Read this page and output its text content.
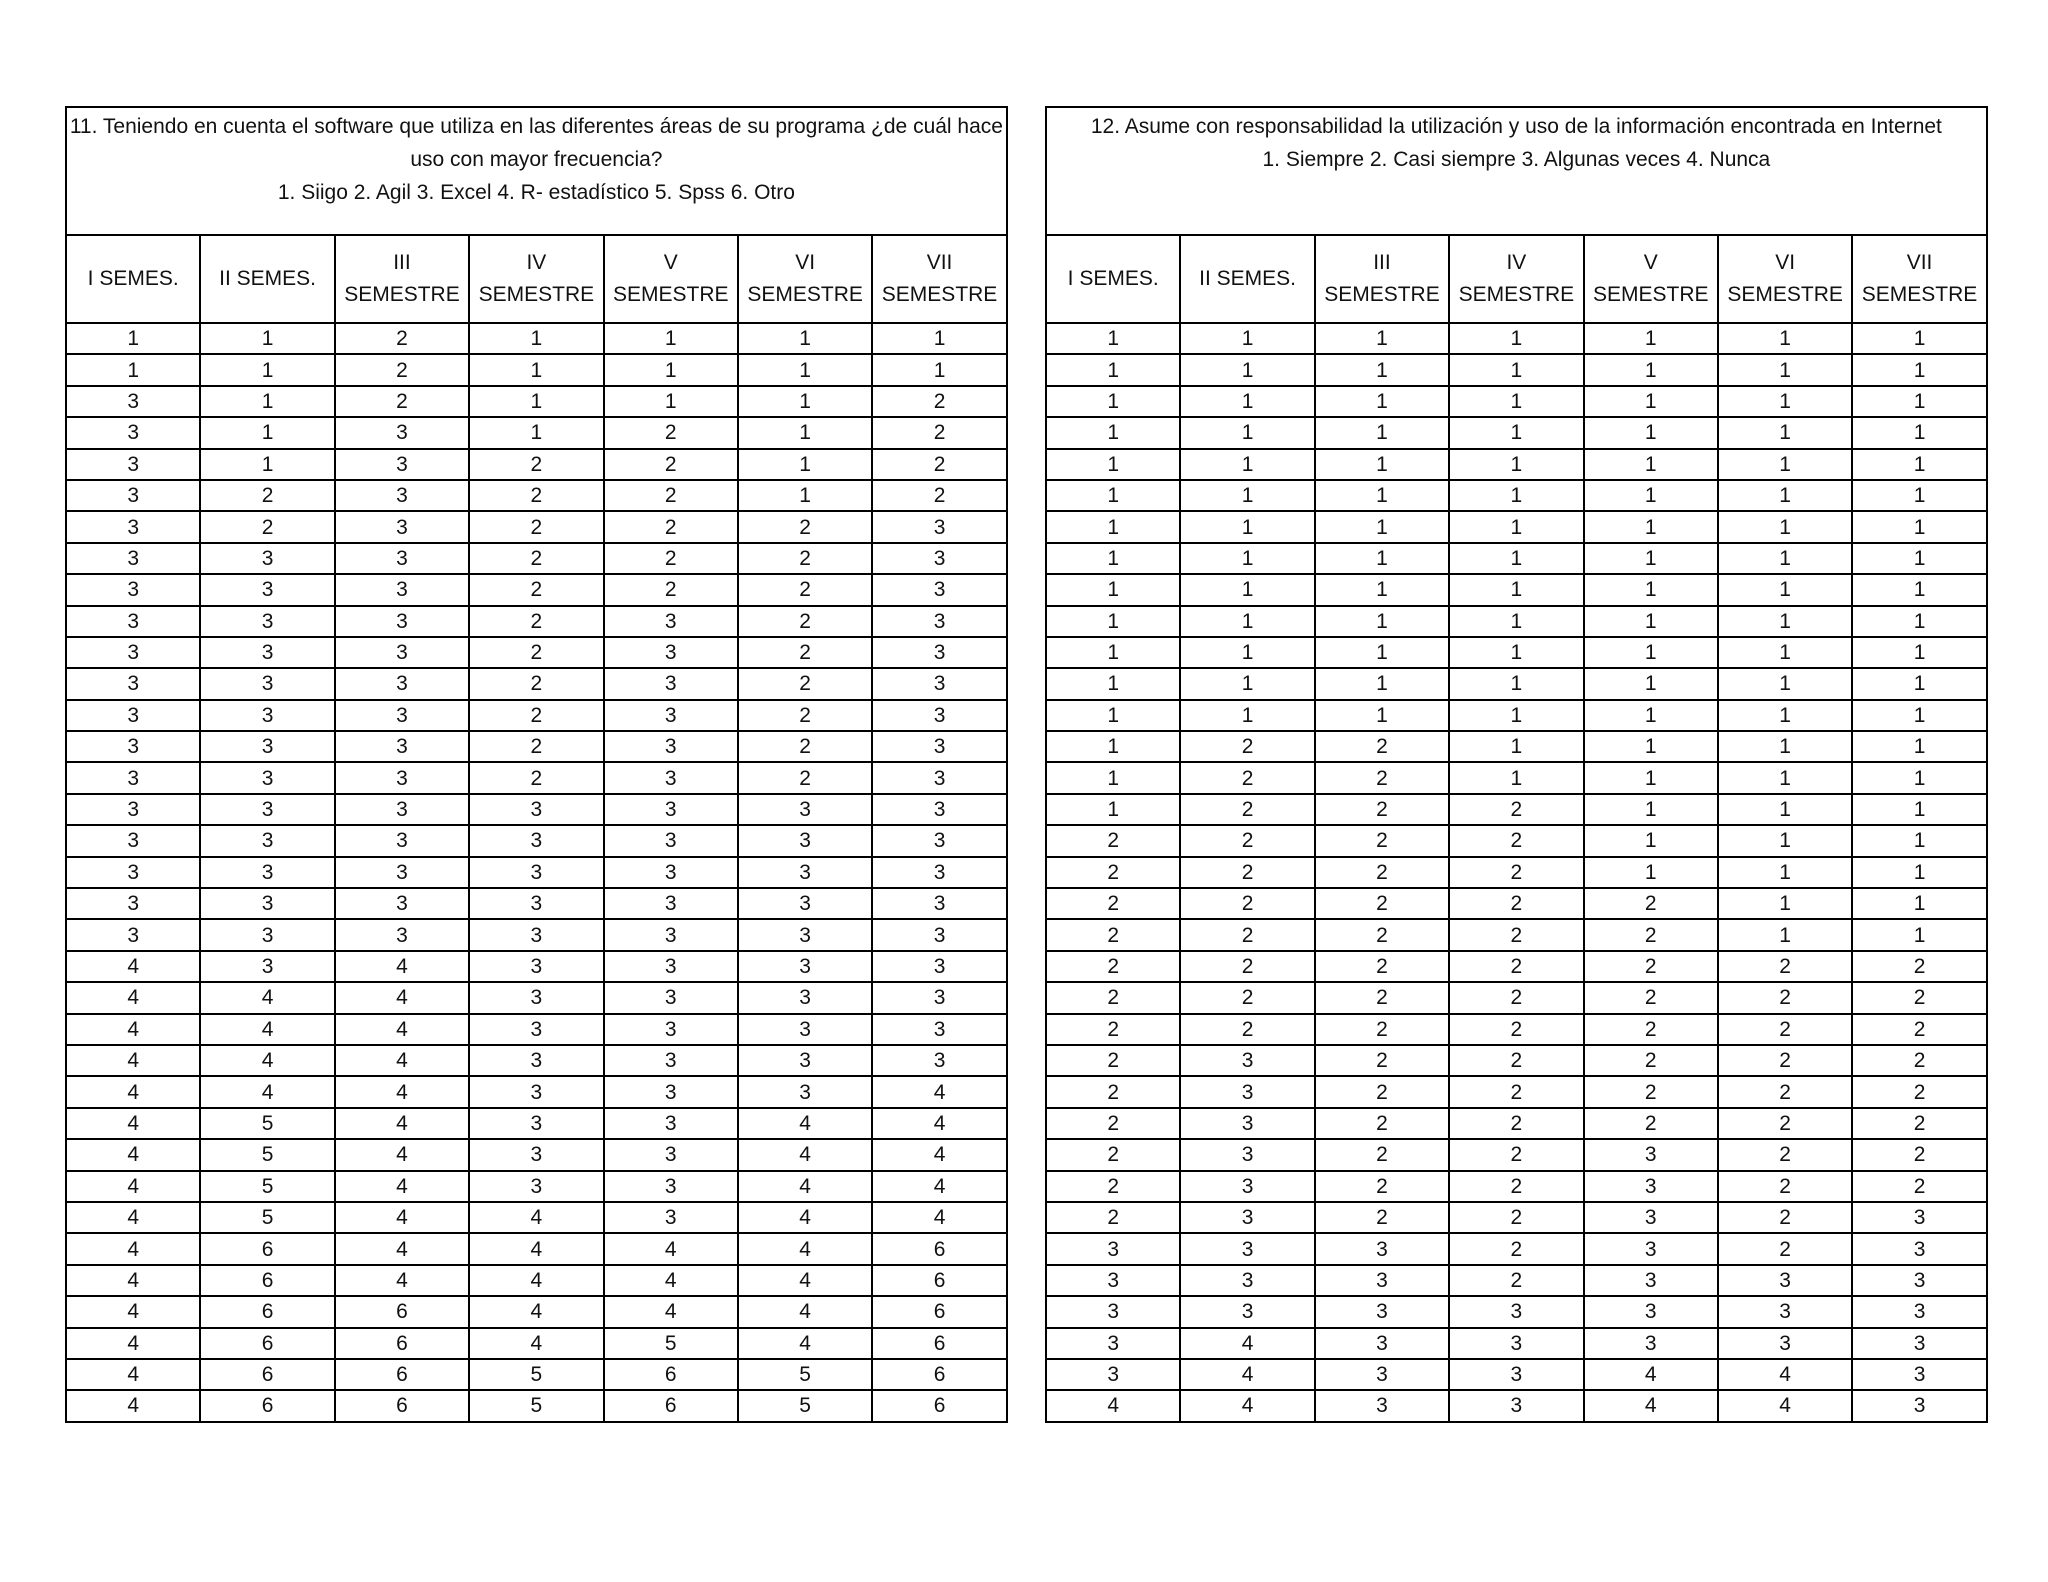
11. Teniendo en cuenta el software que utiliza en las diferentes áreas de su programa ¿de cuál hace uso con mayor frecuencia?
1. Siigo 2. Agil 3. Excel 4. R- estadístico 5. Spss 6. Otro						

I SEMES.	II SEMES.	III SEMESTRE	IV SEMESTRE	V SEMESTRE	VI SEMESTRE	VII SEMESTRE
1	1	2	1	1	1	1
1	1	2	1	1	1	1
3	1	2	1	1	1	2
3	1	3	1	2	1	2
3	1	3	2	2	1	2
3	2	3	2	2	1	2
3	2	3	2	2	2	3
3	3	3	2	2	2	3
3	3	3	2	2	2	3
3	3	3	2	3	2	3
3	3	3	2	3	2	3
3	3	3	2	3	2	3
3	3	3	2	3	2	3
3	3	3	2	3	2	3
3	3	3	2	3	2	3
3	3	3	3	3	3	3
3	3	3	3	3	3	3
3	3	3	3	3	3	3
3	3	3	3	3	3	3
3	3	3	3	3	3	3
4	3	4	3	3	3	3
4	4	4	3	3	3	3
4	4	4	3	3	3	3
4	4	4	3	3	3	3
4	4	4	3	3	3	4
4	5	4	3	3	4	4
4	5	4	3	3	4	4
4	5	4	3	3	4	4
4	5	4	4	3	4	4
4	6	4	4	4	4	6
4	6	4	4	4	4	6
4	6	6	4	4	4	6
4	6	6	4	5	4	6
4	6	6	5	6	5	6
4	6	6	5	6	5	6
12. Asume con responsabilidad la utilización y uso de la información encontrada en Internet
1. Siempre 2. Casi siempre 3. Algunas veces 4. Nunca						

I SEMES.	II SEMES.	III SEMESTRE	IV SEMESTRE	V SEMESTRE	VI SEMESTRE	VII SEMESTRE
1	1	1	1	1	1	1
1	1	1	1	1	1	1
1	1	1	1	1	1	1
1	1	1	1	1	1	1
1	1	1	1	1	1	1
1	1	1	1	1	1	1
1	1	1	1	1	1	1
1	1	1	1	1	1	1
1	1	1	1	1	1	1
1	1	1	1	1	1	1
1	1	1	1	1	1	1
1	1	1	1	1	1	1
1	1	1	1	1	1	1
1	2	2	1	1	1	1
1	2	2	1	1	1	1
1	2	2	2	1	1	1
2	2	2	2	1	1	1
2	2	2	2	1	1	1
2	2	2	2	2	1	1
2	2	2	2	2	1	1
2	2	2	2	2	2	2
2	2	2	2	2	2	2
2	2	2	2	2	2	2
2	3	2	2	2	2	2
2	3	2	2	2	2	2
2	3	2	2	2	2	2
2	3	2	2	3	2	2
2	3	2	2	3	2	2
2	3	2	2	3	2	3
3	3	3	2	3	2	3
3	3	3	2	3	3	3
3	3	3	3	3	3	3
3	4	3	3	3	3	3
3	4	3	3	4	4	3
4	4	3	3	4	4	3
